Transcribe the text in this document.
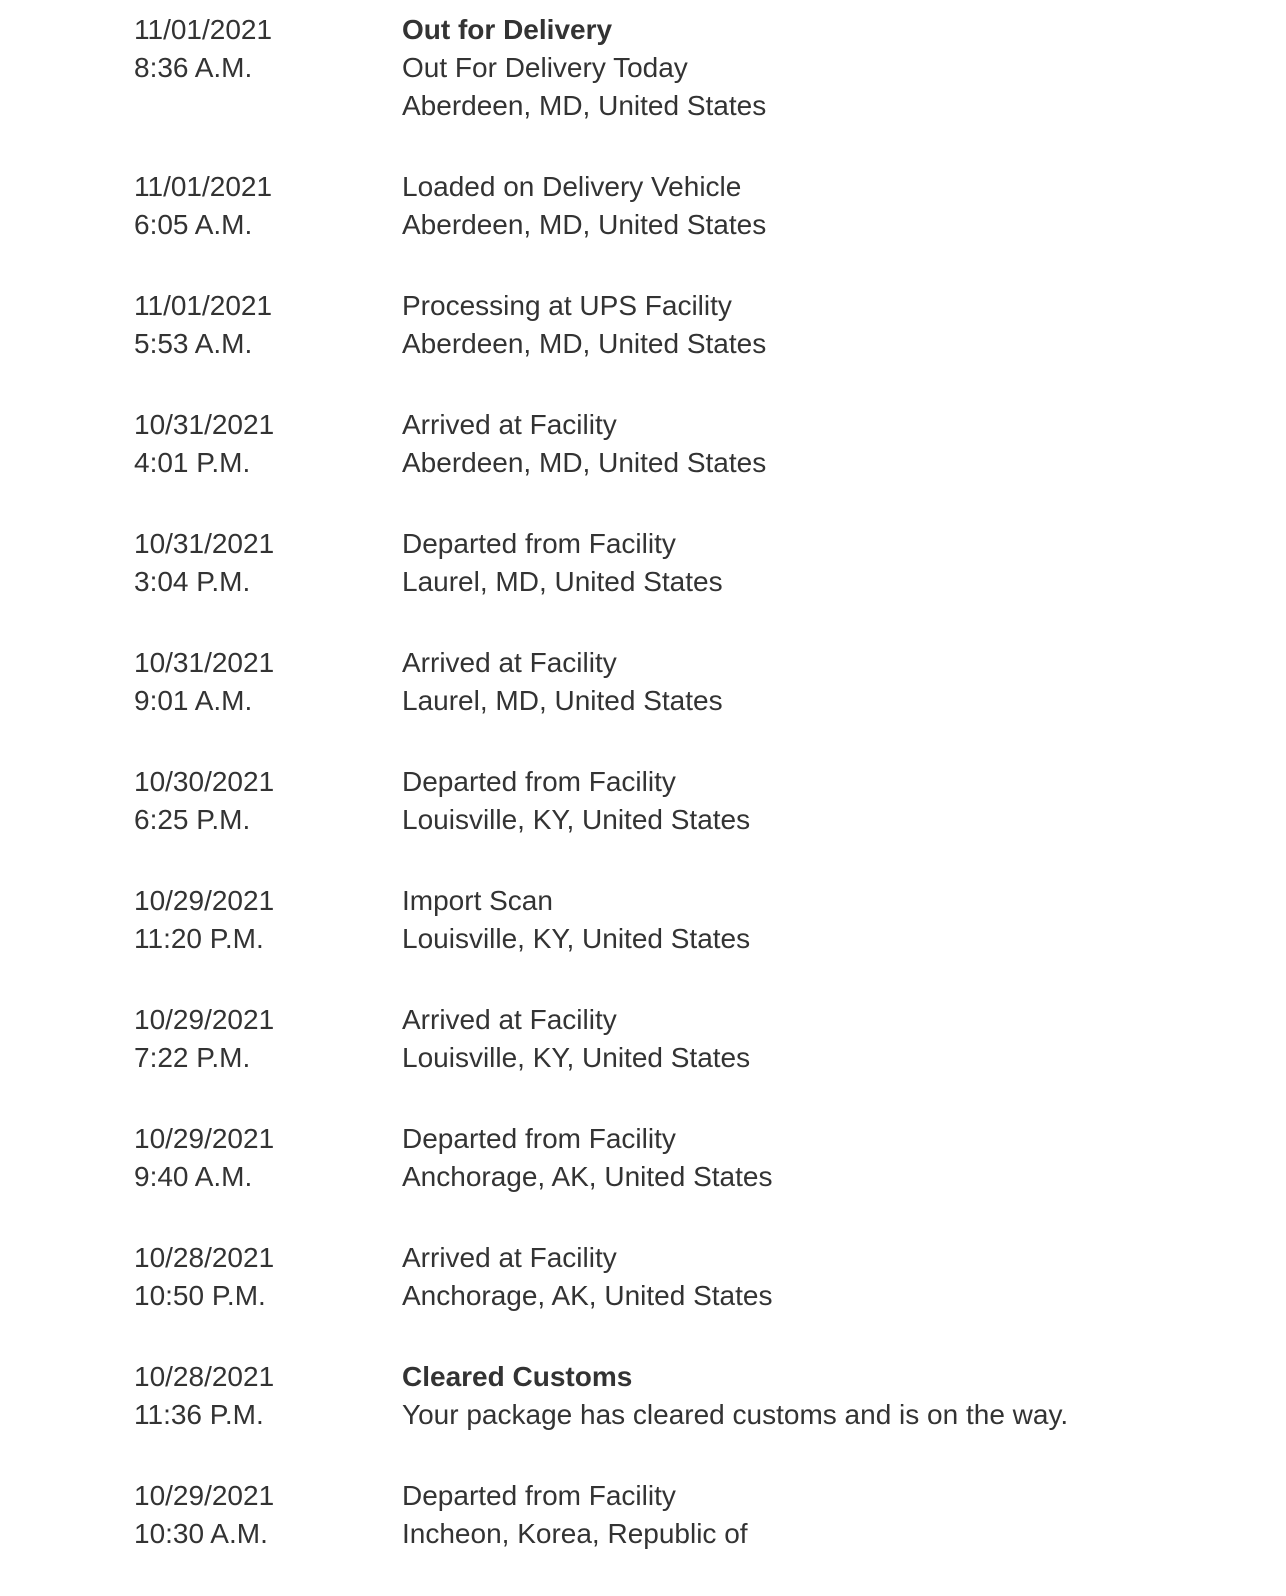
11/01/2021
8:36 A.M.
Out for Delivery
Out For Delivery Today
Aberdeen, MD, United States
11/01/2021
6:05 A.M.
Loaded on Delivery Vehicle
Aberdeen, MD, United States
11/01/2021
5:53 A.M.
Processing at UPS Facility
Aberdeen, MD, United States
10/31/2021
4:01 P.M.
Arrived at Facility
Aberdeen, MD, United States
10/31/2021
3:04 P.M.
Departed from Facility
Laurel, MD, United States
10/31/2021
9:01 A.M.
Arrived at Facility
Laurel, MD, United States
10/30/2021
6:25 P.M.
Departed from Facility
Louisville, KY, United States
10/29/2021
11:20 P.M.
Import Scan
Louisville, KY, United States
10/29/2021
7:22 P.M.
Arrived at Facility
Louisville, KY, United States
10/29/2021
9:40 A.M.
Departed from Facility
Anchorage, AK, United States
10/28/2021
10:50 P.M.
Arrived at Facility
Anchorage, AK, United States
10/28/2021
11:36 P.M.
Cleared Customs
Your package has cleared customs and is on the way.
10/29/2021
10:30 A.M.
Departed from Facility
Incheon, Korea, Republic of
